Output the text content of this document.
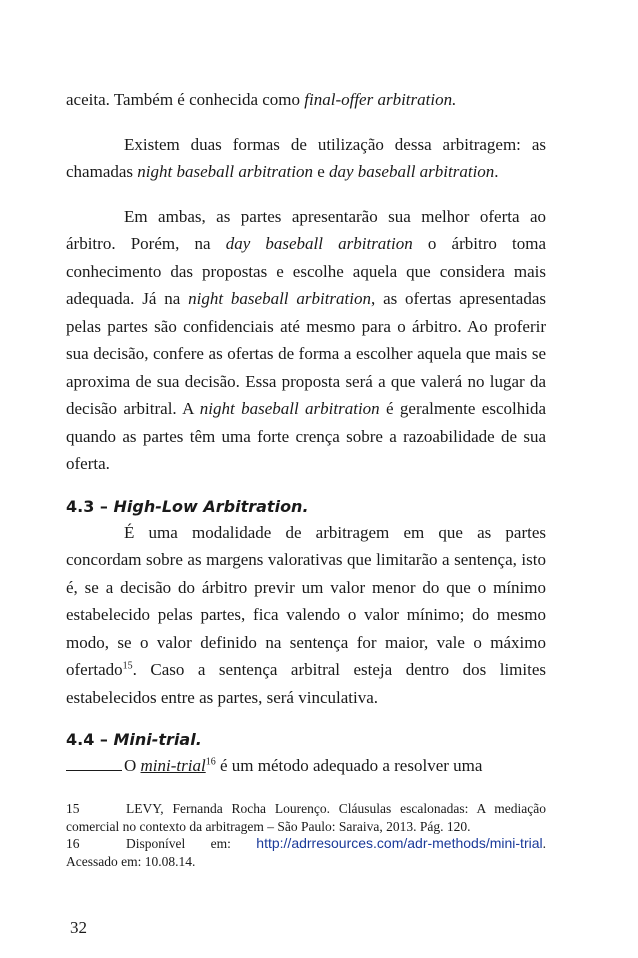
aceita. Também é conhecida como final-offer arbitration.

Existem duas formas de utilização dessa arbitragem: as chamadas night baseball arbitration e day baseball arbitration.

Em ambas, as partes apresentarão sua melhor oferta ao árbitro. Porém, na day baseball arbitration o árbitro toma conhecimento das propostas e escolhe aquela que considera mais adequada. Já na night baseball arbitration, as ofertas apresentadas pelas partes são confidenciais até mesmo para o árbitro. Ao proferir sua decisão, confere as ofertas de forma a escolher aquela que mais se aproxima de sua decisão. Essa proposta será a que valerá no lugar da decisão arbitral. A night baseball arbitration é geralmente escolhida quando as partes têm uma forte crença sobre a razoabilidade de sua oferta.

4.3 – High-Low Arbitration.

É uma modalidade de arbitragem em que as partes concordam sobre as margens valorativas que limitarão a sentença, isto é, se a decisão do árbitro previr um valor menor do que o mínimo estabelecido pelas partes, fica valendo o valor mínimo; do mesmo modo, se o valor definido na sentença for maior, vale o máximo ofertado$^{15}$. Caso a sentença arbitral esteja dentro dos limites estabelecidos entre as partes, será vinculativa.

4.4 – Mini-trial.

O mini-trial$^{16}$ é um método adequado a resolver uma

15	LEVY, Fernanda Rocha Lourenço. Cláusulas escalonadas: A mediação comercial no contexto da arbitragem – São Paulo: Saraiva, 2013. Pág. 120.

16	Disponível em: http://adrresources.com/adr-methods/mini-trial. Acessado em: 10.08.14.

32
